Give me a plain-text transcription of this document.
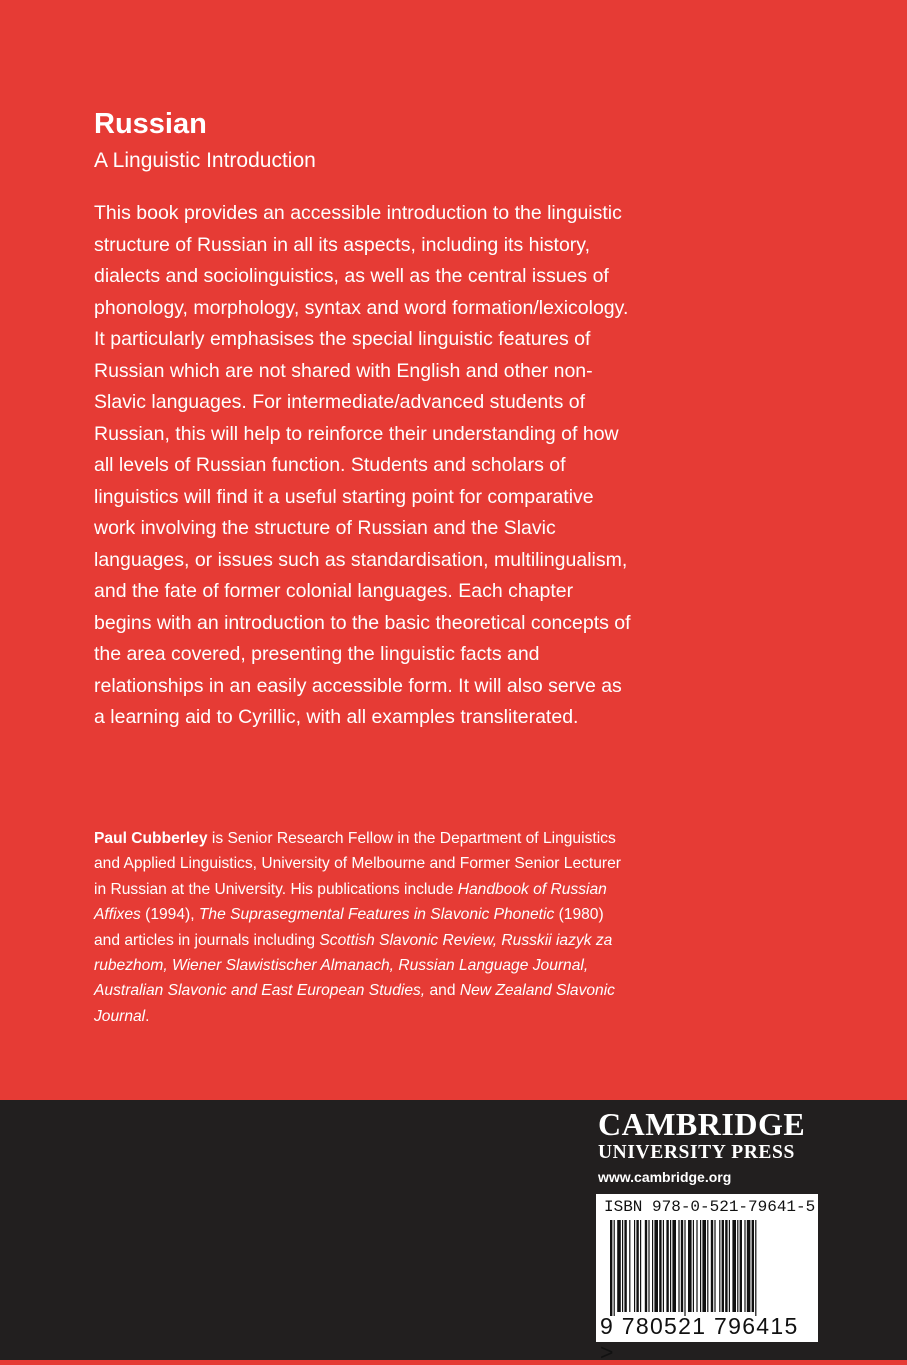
Russian
A Linguistic Introduction

This book provides an accessible introduction to the linguistic structure of Russian in all its aspects, including its history, dialects and sociolinguistics, as well as the central issues of phonology, morphology, syntax and word formation/lexicology. It particularly emphasises the special linguistic features of Russian which are not shared with English and other non-Slavic languages. For intermediate/advanced students of Russian, this will help to reinforce their understanding of how all levels of Russian function. Students and scholars of linguistics will find it a useful starting point for comparative work involving the structure of Russian and the Slavic languages, or issues such as standardisation, multilingualism, and the fate of former colonial languages. Each chapter begins with an introduction to the basic theoretical concepts of the area covered, presenting the linguistic facts and relationships in an easily accessible form. It will also serve as a learning aid to Cyrillic, with all examples transliterated.

Paul Cubberley is Senior Research Fellow in the Department of Linguistics and Applied Linguistics, University of Melbourne and Former Senior Lecturer in Russian at the University. His publications include Handbook of Russian Affixes (1994), The Suprasegmental Features in Slavonic Phonetic (1980) and articles in journals including Scottish Slavonic Review, Russkii iazyk za rubezhom, Wiener Slawistischer Almanach, Russian Language Journal, Australian Slavonic and East European Studies, and New Zealand Slavonic Journal.

CAMBRIDGE
UNIVERSITY PRESS
www.cambridge.org
ISBN 978-0-521-79641-5
9 780521 796415 >
